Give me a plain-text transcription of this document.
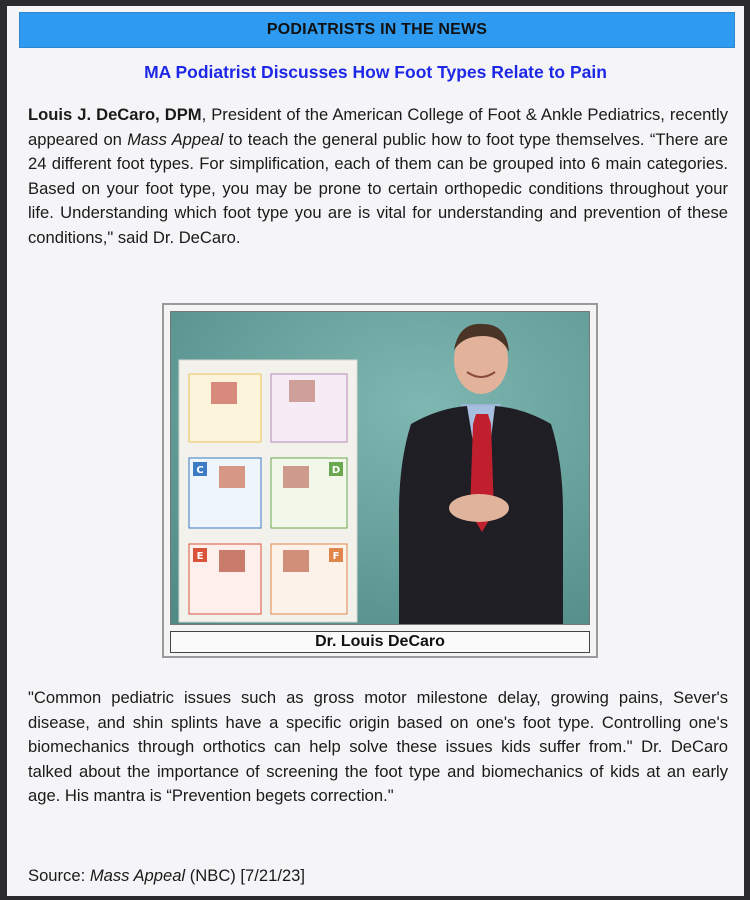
PODIATRISTS IN THE NEWS
MA Podiatrist Discusses How Foot Types Relate to Pain
Louis J. DeCaro, DPM, President of the American College of Foot & Ankle Pediatrics, recently appeared on Mass Appeal to teach the general public how to foot type themselves. “There are 24 different foot types. For simplification, each of them can be grouped into 6 main categories. Based on your foot type, you may be prone to certain orthopedic conditions throughout your life. Understanding which foot type you are is vital for understanding and prevention of these conditions," said Dr. DeCaro.
C	D
E	F
Dr. Louis DeCaro
"Common pediatric issues such as gross motor milestone delay, growing pains, Sever's disease, and shin splints have a specific origin based on one's foot type. Controlling one's biomechanics through orthotics can help solve these issues kids suffer from." Dr. DeCaro talked about the importance of screening the foot type and biomechanics of kids at an early age. His mantra is “Prevention begets correction."
Source: Mass Appeal (NBC) [7/21/23]
